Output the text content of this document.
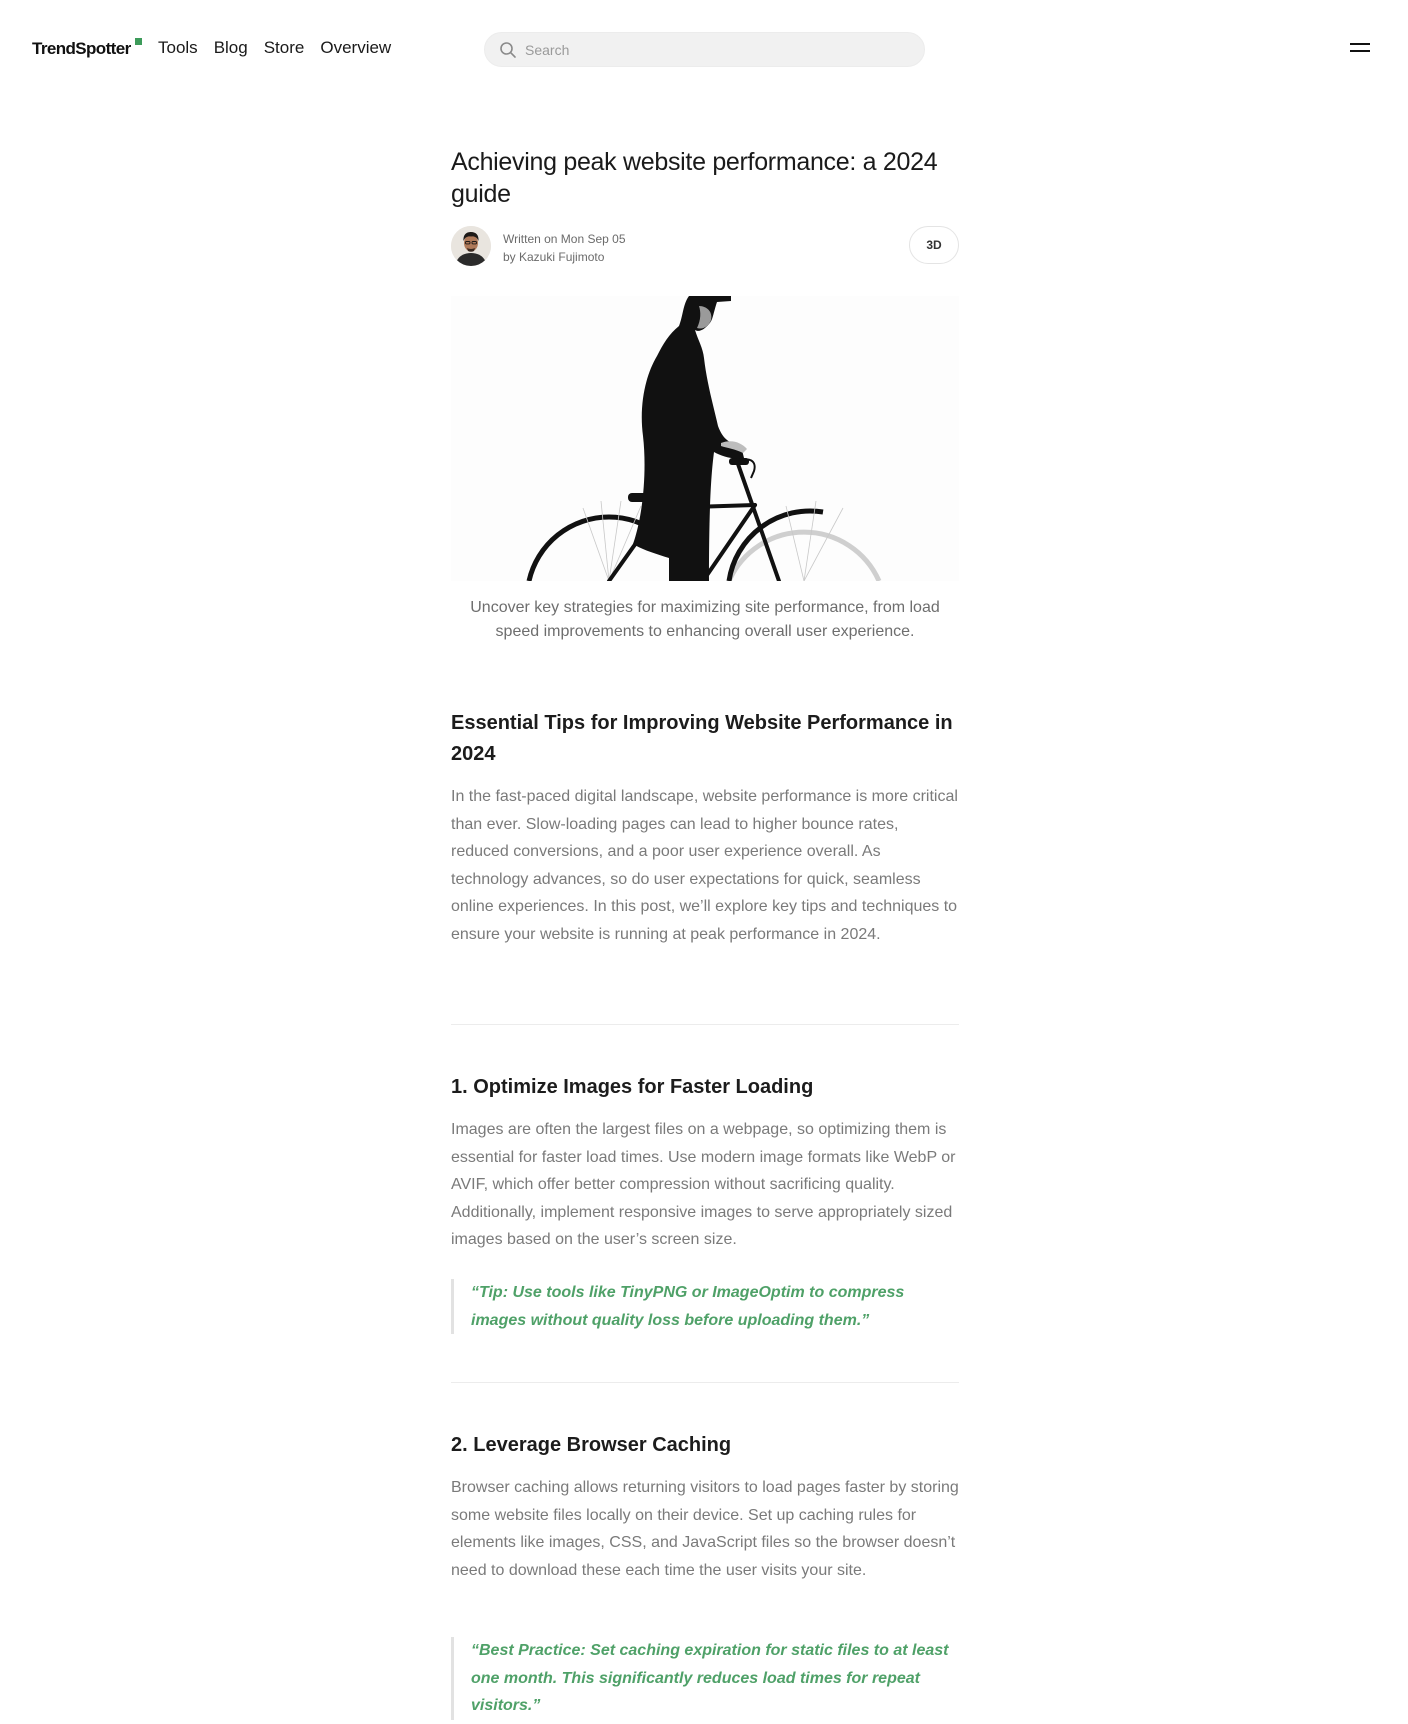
TrendSpotter Tools Blog Store Overview
Search
Achieving peak website performance: a 2024 guide
Written on Mon Sep 05
by Kazuki Fujimoto
3D

Uncover key strategies for maximizing site performance, from load speed improvements to enhancing overall user experience.

Essential Tips for Improving Website Performance in 2024

In the fast-paced digital landscape, website performance is more critical than ever. Slow-loading pages can lead to higher bounce rates, reduced conversions, and a poor user experience overall. As technology advances, so do user expectations for quick, seamless online experiences. In this post, we’ll explore key tips and techniques to ensure your website is running at peak performance in 2024.

1. Optimize Images for Faster Loading

Images are often the largest files on a webpage, so optimizing them is essential for faster load times. Use modern image formats like WebP or AVIF, which offer better compression without sacrificing quality. Additionally, implement responsive images to serve appropriately sized images based on the user’s screen size.

“Tip: Use tools like TinyPNG or ImageOptim to compress images without quality loss before uploading them.”
2. Leverage Browser Caching

Browser caching allows returning visitors to load pages faster by storing some website files locally on their device. Set up caching rules for elements like images, CSS, and JavaScript files so the browser doesn’t need to download these each time the user visits your site.

“Best Practice: Set caching expiration for static files to at least one month. This significantly reduces load times for repeat visitors.”
